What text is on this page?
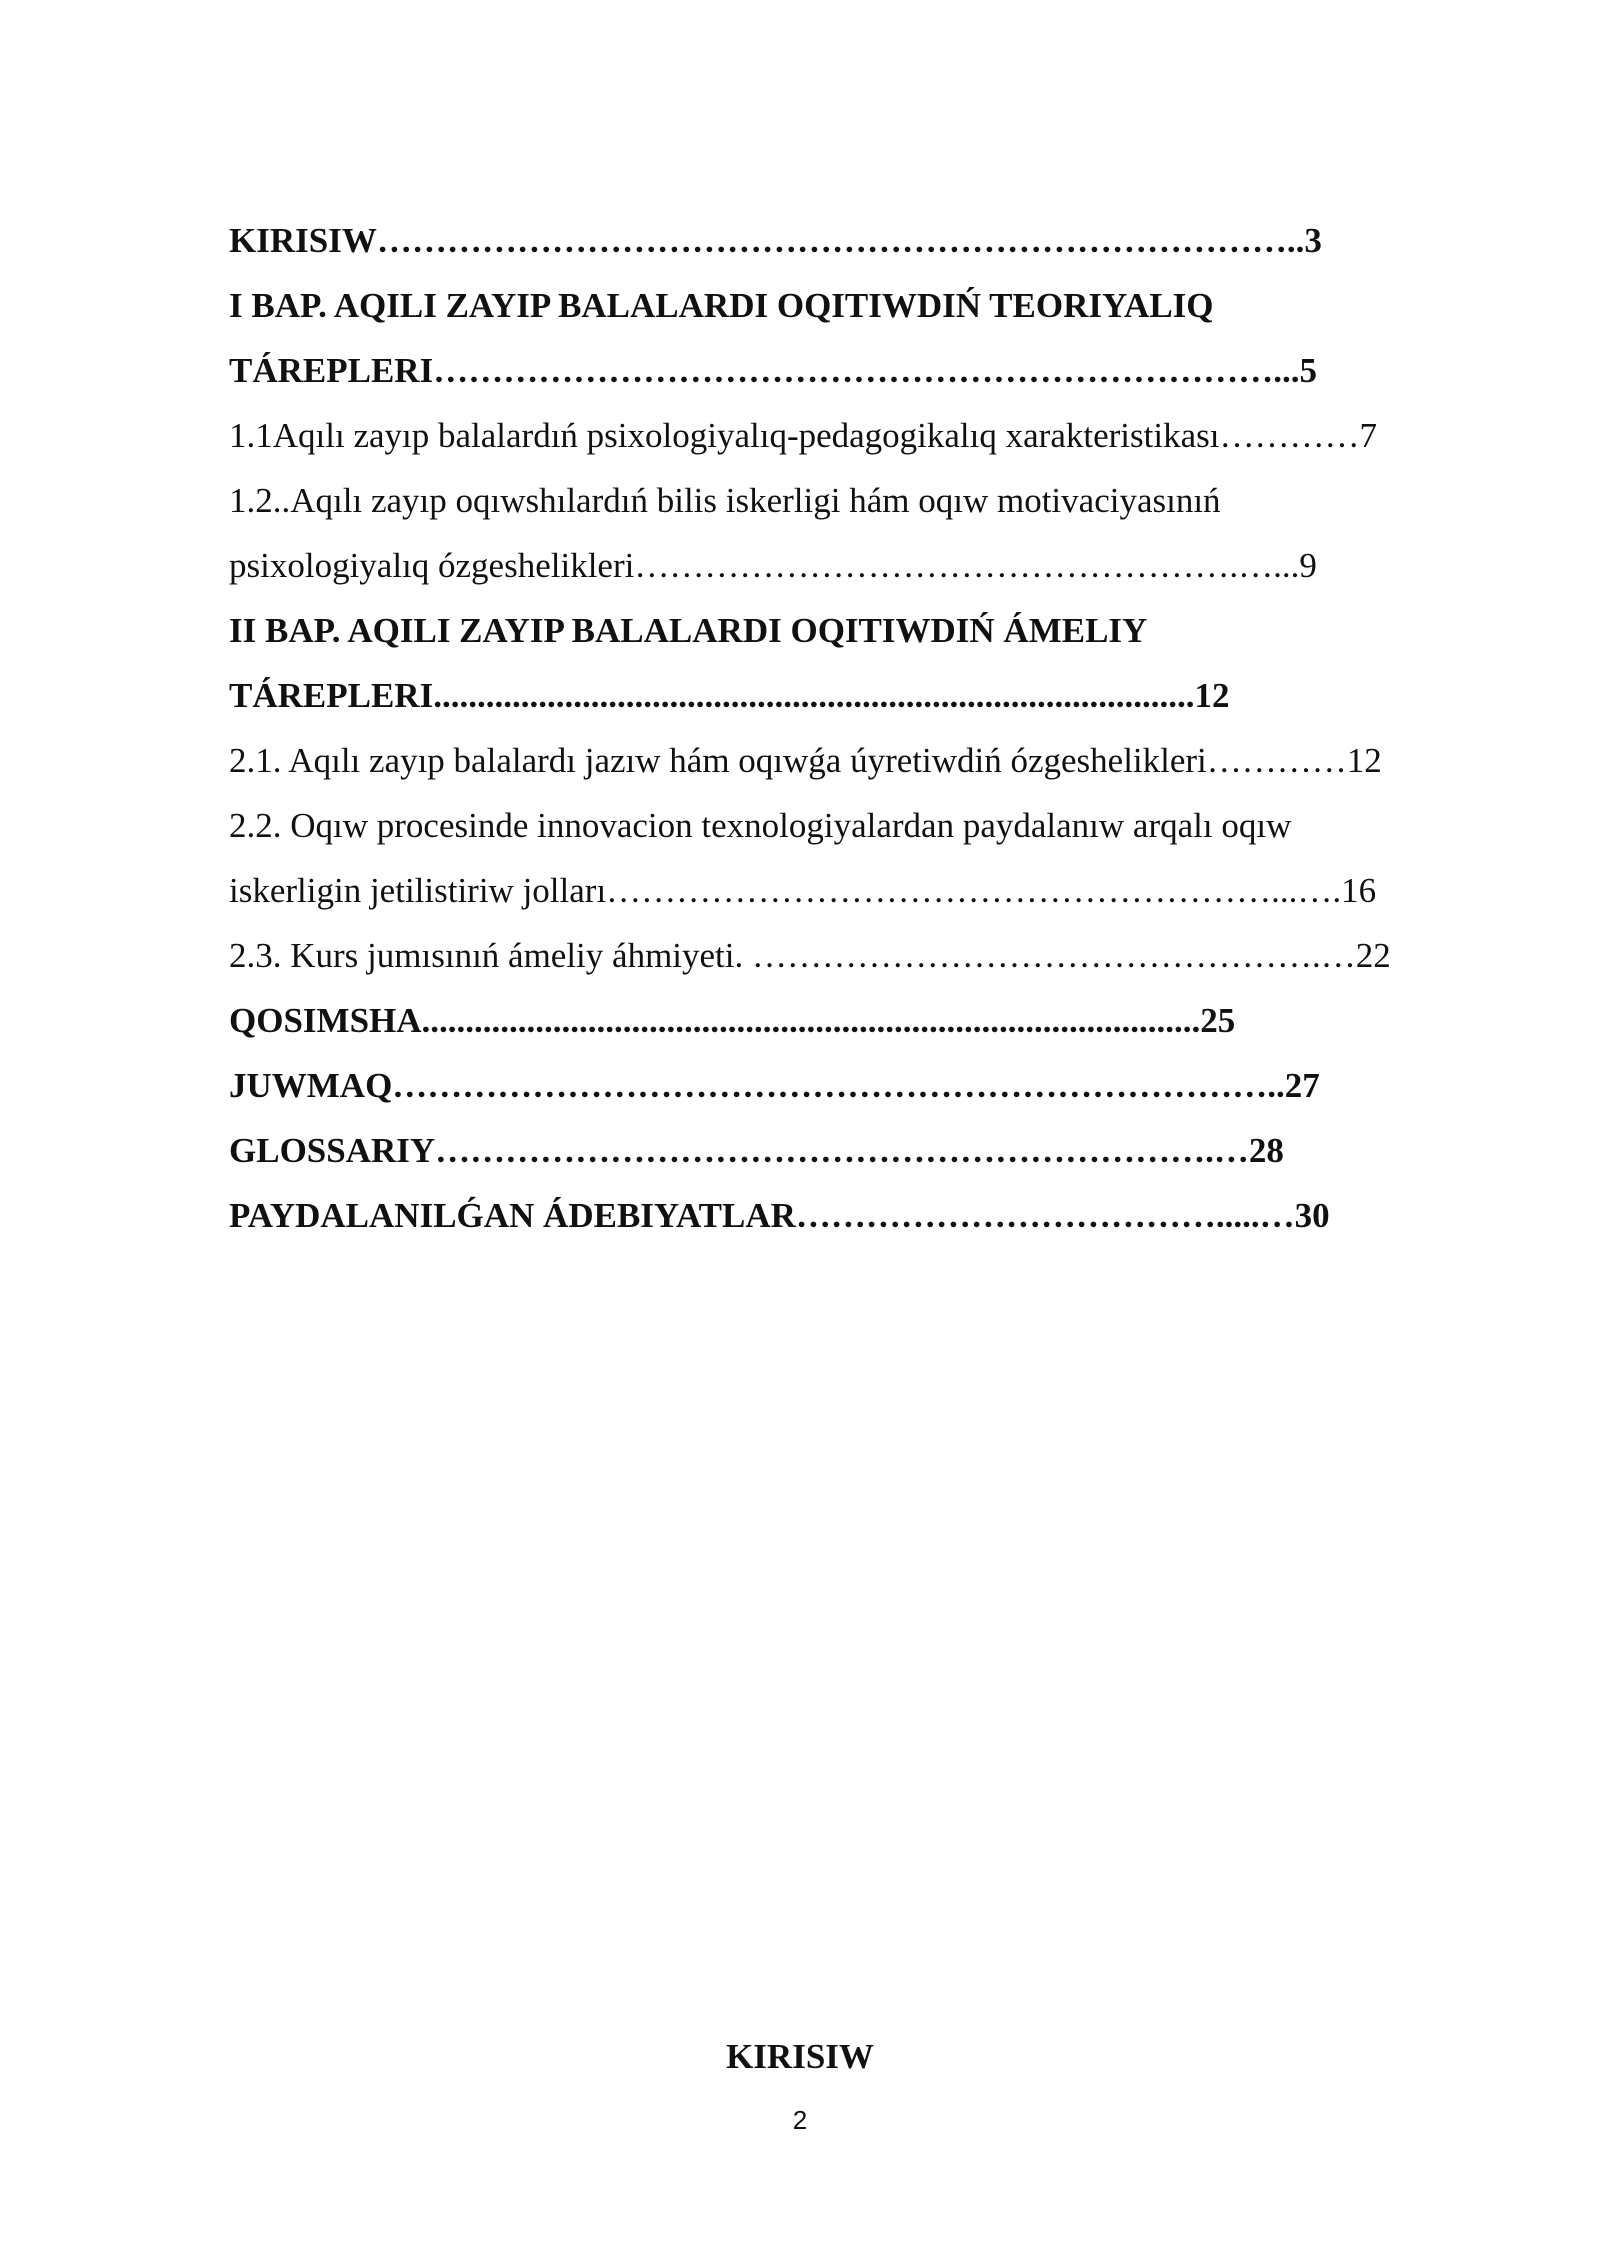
KIRISIW……………………………………………………………………..3
I BAP. AQILI ZAYIP BALALARDI OQITIWDIŃ TEORIYALIQ
TÁREPLERI………………………………………………………………...5
1.1Aqılı zayıp balalardıń psixologiyalıq-pedagogikalıq xarakteristikası…………7
1.2..Aqılı zayıp oqıwshılardıń bilis iskerligi hám oqıw motivaciyasınıń
psixologiyalıq ózgeshelikleri…………………………………………….…...9
II BAP. AQILI ZAYIP BALALARDI OQITIWDIŃ ÁMELIY
TÁREPLERI.......................................................................................12
2.1. Aqılı zayıp balalardı jazıw hám oqıwǵa úyretiwdiń ózgeshelikleri…………12
2.2. Oqıw procesinde innovacion texnologiyalardan paydalanıw arqalı oqıw
iskerligin jetilistiriw jolları…………………………………………………...….16
2.3. Kurs jumısınıń ámeliy áhmiyeti. ………………………………………….…22
QOSIMSHA.........................................................................................25
JUWMAQ…………………………………………………………………..27
GLOSSARIY………………………………………………………….…28
PAYDALANILǴAN ÁDEBIYATLAR……………………………….....…30
KIRISIW
2
